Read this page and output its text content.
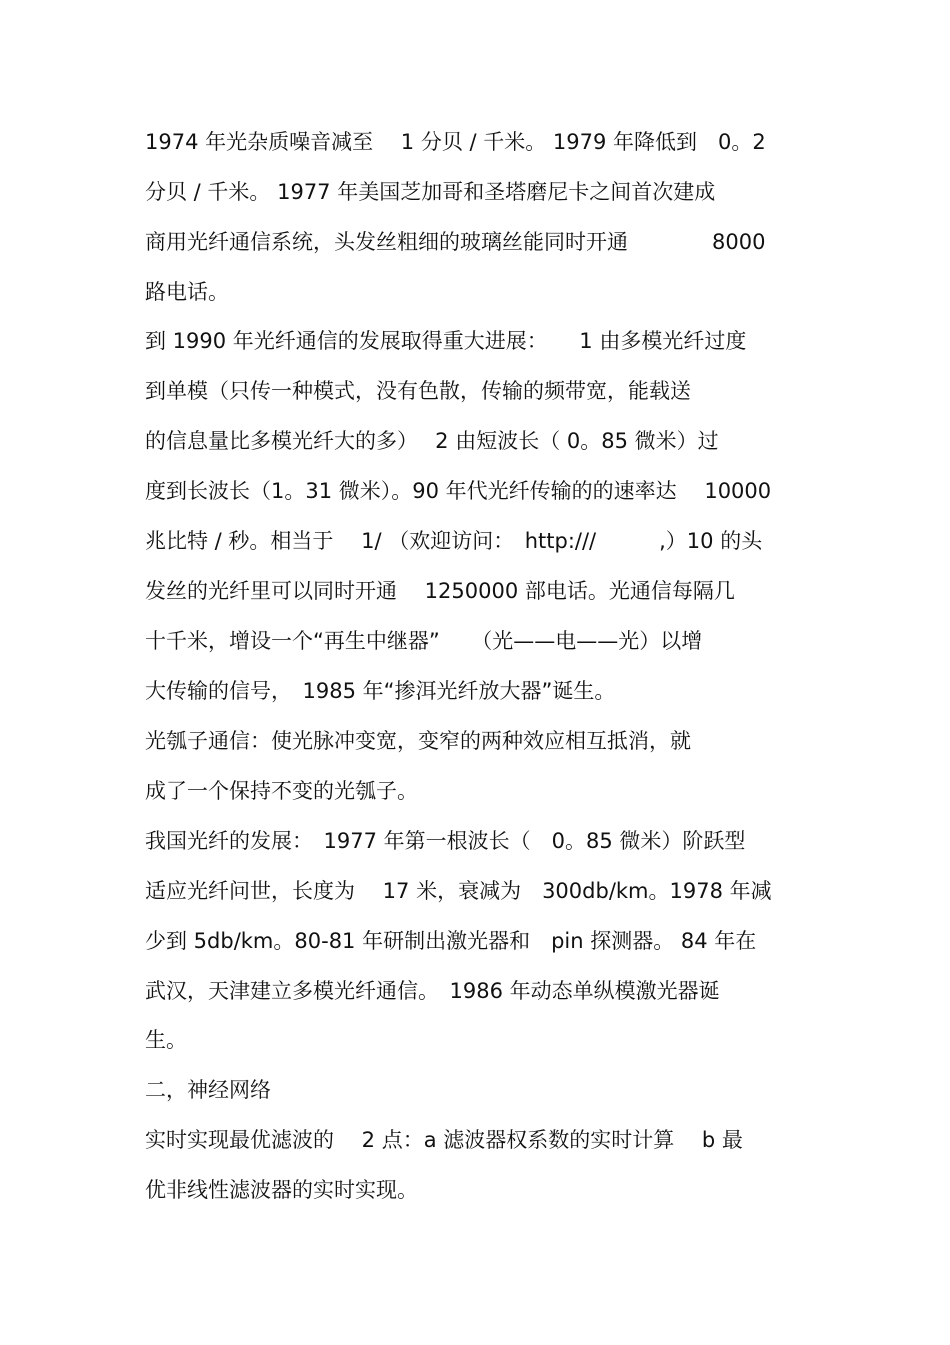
1974 年光杂质噪音减至　 1 分贝 / 千米。 1979 年降低到　0。2
分贝 / 千米。 1977 年美国芝加哥和圣塔磨尼卡之间首次建成
商用光纤通信系统，头发丝粗细的玻璃丝能同时开通　　　　8000
路电话。
到 1990 年光纤通信的发展取得重大进展：　　1 由多模光纤过度
到单模（只传一种模式，没有色散，传输的频带宽，能载送
的信息量比多模光纤大的多）　 2 由短波长（ 0。85 微米）过
度到长波长（1。31 微米）。90 年代光纤传输的的速率达　 10000
兆比特 / 秒。相当于　 1/ （欢迎访问：　http:///　　　,）10 的头
发丝的光纤里可以同时开通　 1250000 部电话。光通信每隔几
十千米，增设一个“再生中继器”　　（光——电——光）以增
大传输的信号，　1985 年“掺洱光纤放大器”诞生。
光瓠子通信：使光脉冲变宽，变窄的两种效应相互抵消，就
成了一个保持不变的光瓠子。
我国光纤的发展：　1977 年第一根波长（　0。85 微米）阶跃型
适应光纤问世，长度为　 17 米，衰减为　300db/km。1978 年减
少到 5db/km。80-81 年研制出激光器和　pin 探测器。 84 年在
武汉，天津建立多模光纤通信。　1986 年动态单纵模激光器诞
生。
二，神经网络
实时实现最优滤波的　 2 点：a 滤波器权系数的实时计算　 b 最
优非线性滤波器的实时实现。
